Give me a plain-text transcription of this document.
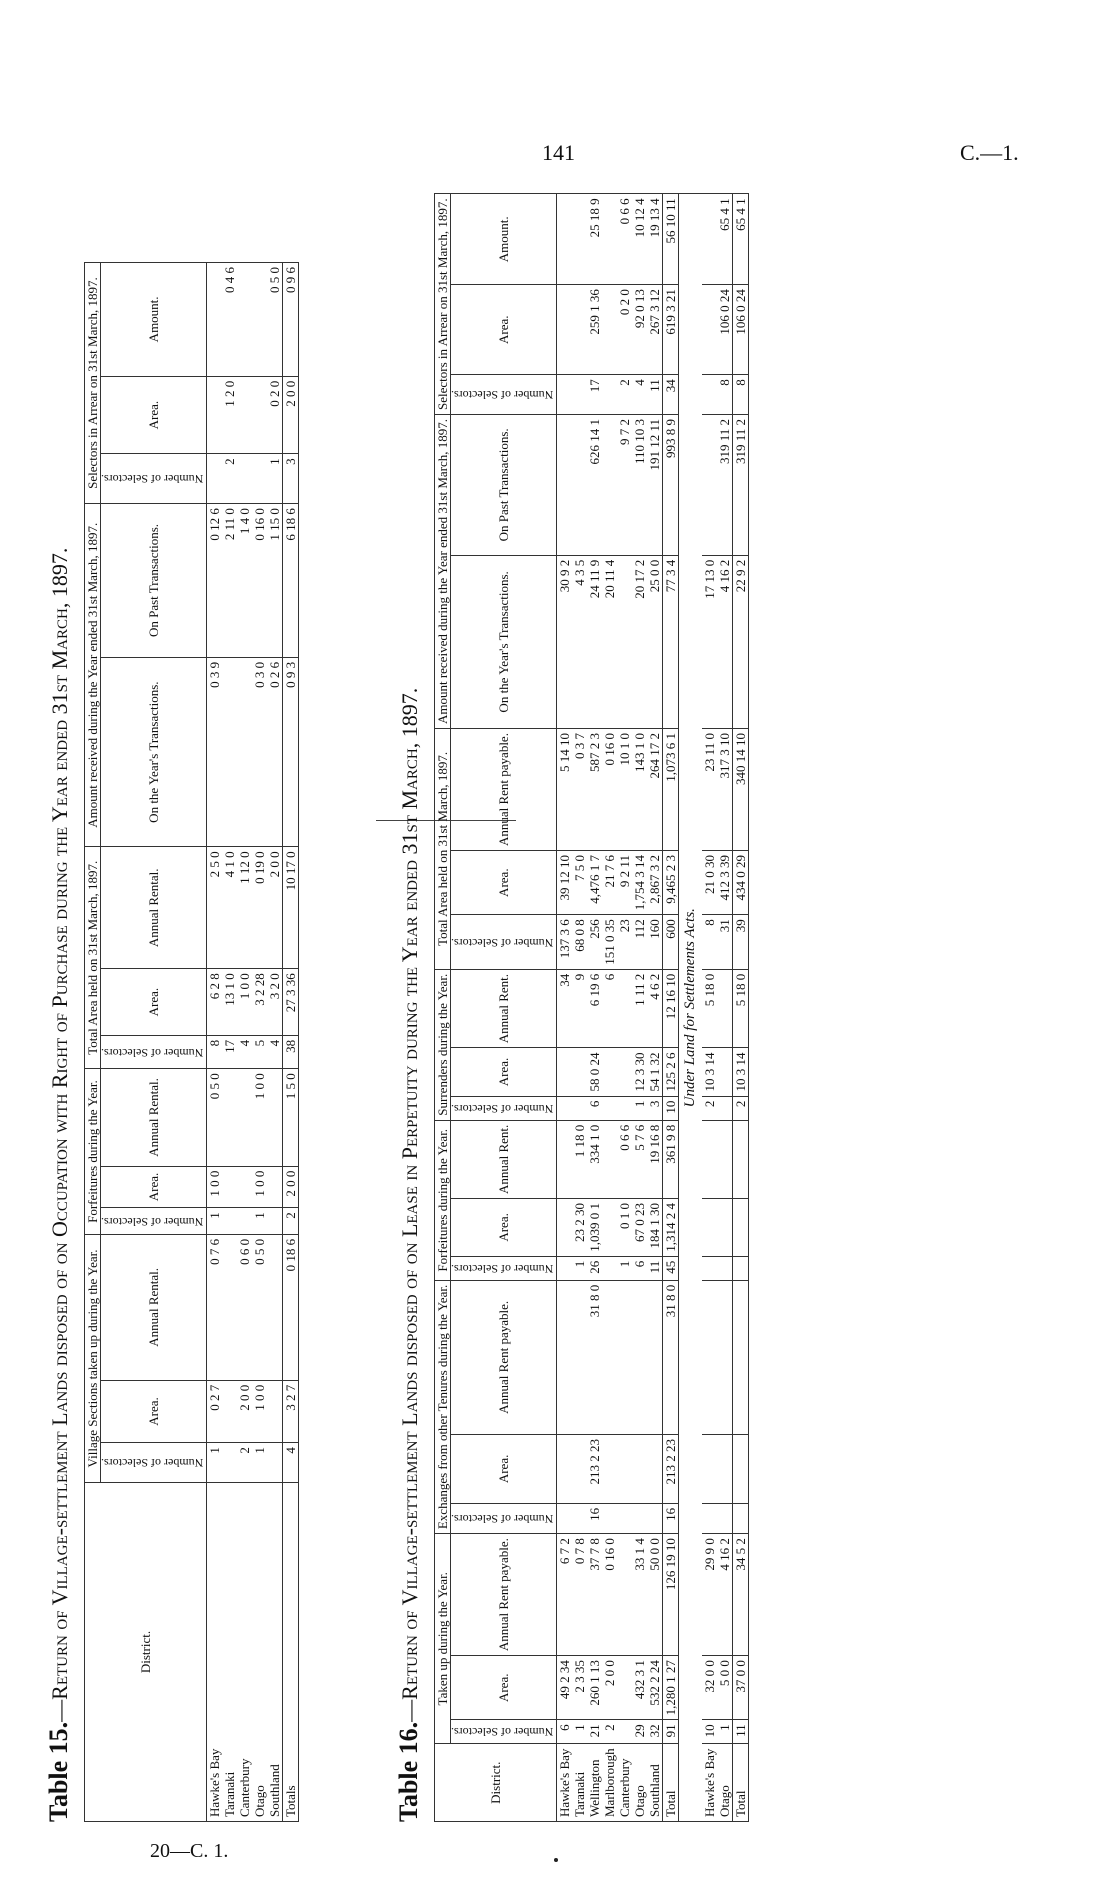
141	C.—1.
20—C. 1.
Table 15.—Return of Village-settlement Lands disposed of on Occupation with Right of Purchase during the Year ended 31st March, 1897.	District.	Village Sections taken up during the Year.			Forfeitures during the Year.			Total Area held on 31st March, 1897.			Amount received during the Year ended 31st March, 1897.		Selectors in Arrear on 31st March, 1897.		
	Number of Selectors.	Area.	Annual Rental.	Number of Selectors.	Area.	Annual Rental.	Number of Selectors.	Area.	Annual Rental.	On the Year's Transactions.	On Past Transactions.	Number of Selectors.	Area.	Amount.
Hawke's Bay	1	0 2 7	0 7 6	1	1 0 0	0 5 0	8	6 2 8	2 5 0	0 3 9	0 12 6			
Taranaki							17	13 1 0	4 1 0		2 11 0	2	1 2 0	0 4 6
Canterbury	2	2 0 0	0 6 0				4	1 0 0	1 12 0		1 4 0			
Otago	1	1 0 0	0 5 0	1	1 0 0	1 0 0	5	3 2 28	0 19 0	0 3 0	0 16 0			
Southland							4	3 2 0	2 0 0	0 2 6	1 15 0	1	0 2 0	0 5 0
Totals	4	3 2 7	0 18 6	2	2 0 0	1 5 0	38	27 3 36	10 17 0	0 9 3	6 18 6	3	2 0 0	0 9 6
Table 16.—Return of Village-settlement Lands disposed of on Lease in Perpetuity during the Year ended 31st March, 1897.
District.	Taken up during the Year.			Exchanges from other Tenures during the Year.			Forfeitures during the Year.			Surrenders during the Year.			Total Area held on 31st March, 1897.			Amount received during the Year ended 31st March, 1897.		Selectors in Arrear on 31st March, 1897.		
	Number of Selectors.	Area.	Annual Rent payable.	Number of Selectors.	Area.	Annual Rent payable.	Number of Selectors.	Area.	Annual Rent.	Number of Selectors.	Area.	Annual Rent.	Number of Selectors.	Area.	Annual Rent payable.	On the Year's Transactions.	On Past Transactions.	Number of Selectors.	Area.	Amount.
Hawke's Bay	6	49 2 34	6 7 2									34	137 3 6	39 12 10	5 14 10	30 9 2				
Taranaki	1	2 3 35	0 7 8				1	23 2 30	1 18 0			9	68 0 8	7 5 0	0 3 7	4 3 5				
Wellington	21	260 1 13	37 7 8	16	213 2 23	31 8 0	26	1,039 0 1	334 1 0	6	58 0 24	6 19 6	256	4,476 1 7	587 2 3	24 11 9	626 14 1	17	259 1 36	25 18 9
Marlborough	2	2 0 0	0 16 0									6	151 0 35	21 7 6	0 16 0	20 11 4				
Canterbury							1	0 1 0	0 6 6				23	9 2 11	10 1 0		9 7 2	2	0 2 0	0 6 6
Otago	29	432 3 1	33 1 4				6	67 0 23	5 7 6	1	12 3 30	1 11 2	112	1,754 3 14	143 1 0	20 17 2	110 10 3	4	92 0 13	10 12 4
Southland	32	532 2 24	50 0 0				11	184 1 30	19 16 8	3	54 1 32	4 6 2	160	2,867 3 2	264 17 2	25 0 0	191 12 11	11	267 3 12	19 13 4
Total	91	1,280 1 27	126 19 10	16	213 2 23	31 8 0	45	1,314 2 4	361 9 8	10	125 2 6	12 16 10	600	9,465 2 3	1,073 6 1	77 3 4	993 8 9	34	619 3 21	56 10 11
Under Land for Settlements Acts.																				
Hawke's Bay	10	32 0 0	29 9 0							2	10 3 14	5 18 0	8	21 0 30	23 11 0	17 13 0				
Otago	1	5 0 0	4 16 2										31	412 3 39	317 3 10	4 16 2	319 11 2	8	106 0 24	65 4 1
Total	11	37 0 0	34 5 2							2	10 3 14	5 18 0	39	434 0 29	340 14 10	22 9 2	319 11 2	8	106 0 24	65 4 1
